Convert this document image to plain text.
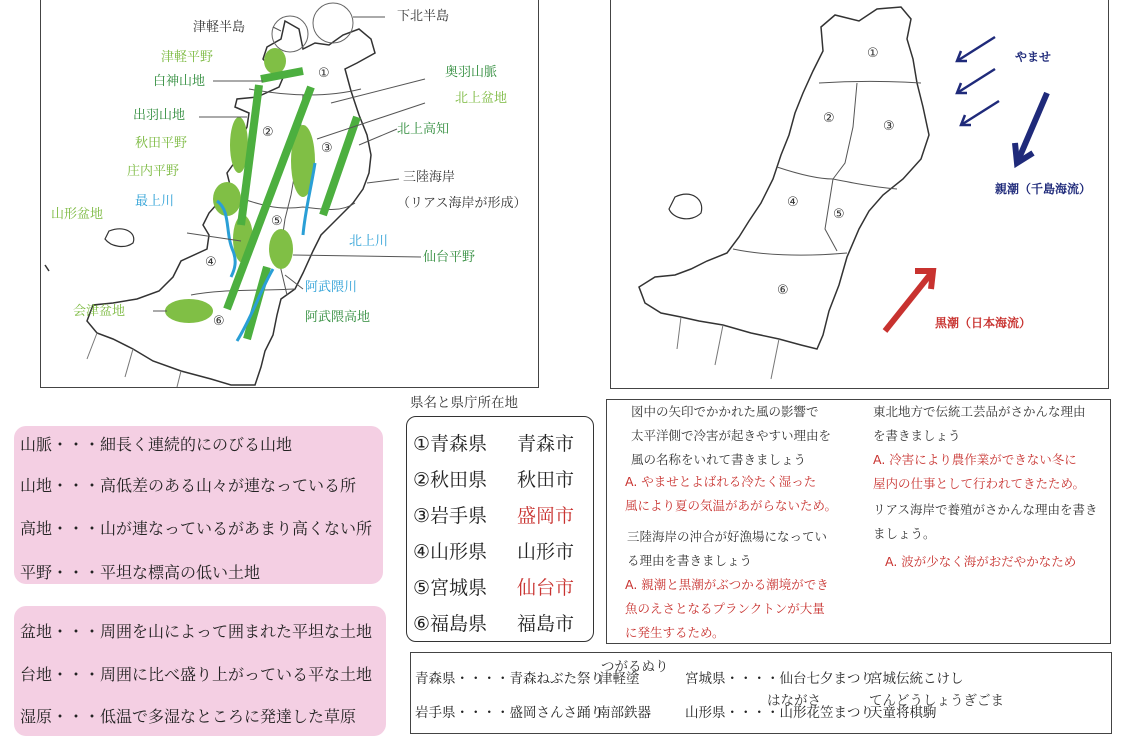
津軽半島
下北半島
津軽平野
白神山地
奥羽山脈
北上盆地
出羽山地
北上高知
秋田平野
三陸海岸
（リアス海岸が形成）
庄内平野
最上川
山形盆地
北上川
仙台平野
阿武隈川
会津盆地	阿武隈高地
①
②
③
④
⑤
⑥
やませ
親潮（千島海流）
黒潮（日本海流）
①
②
③
④
⑤
⑥
山脈・・・細長く連続的にのびる山地
山地・・・高低差のある山々が連なっている所
高地・・・山が連なっているがあまり高くない所
平野・・・平坦な標高の低い土地
盆地・・・周囲を山によって囲まれた平坦な土地
台地・・・周囲に比べ盛り上がっている平な土地
湿原・・・低温で多湿なところに発達した草原
県名と県庁所在地
①青森県 青森市
②秋田県 秋田市
③岩手県 盛岡市
④山形県 山形市
⑤宮城県 仙台市
⑥福島県 福島市
図中の矢印でかかれた風の影響で
太平洋側で冷害が起きやすい理由を
風の名称をいれて書きましょう
A. やませとよばれる冷たく湿った
風により夏の気温があがらないため。
三陸海岸の沖合が好漁場になってい
る理由を書きましょう
A. 親潮と黒潮がぶつかる潮境ができ
魚のえさとなるプランクトンが大量
に発生するため。
東北地方で伝統工芸品がさかんな理由
を書きましょう
A. 冷害により農作業ができない冬に
屋内の仕事として行われてきたため。
リアス海岸で養殖がさかんな理由を書き
ましょう。
A. 波が少なく海がおだやかなため
青森県・・・・青森ねぶた祭り
つがるぬり
津軽塗	宮城県・・・・仙台七夕まつり
宮城伝統こけし
岩手県・・・・盛岡さんさ踊り
南部鉄器
はながさ
山形県・・・・山形花笠まつり
てんどうしょうぎごま
天童将棋駒
